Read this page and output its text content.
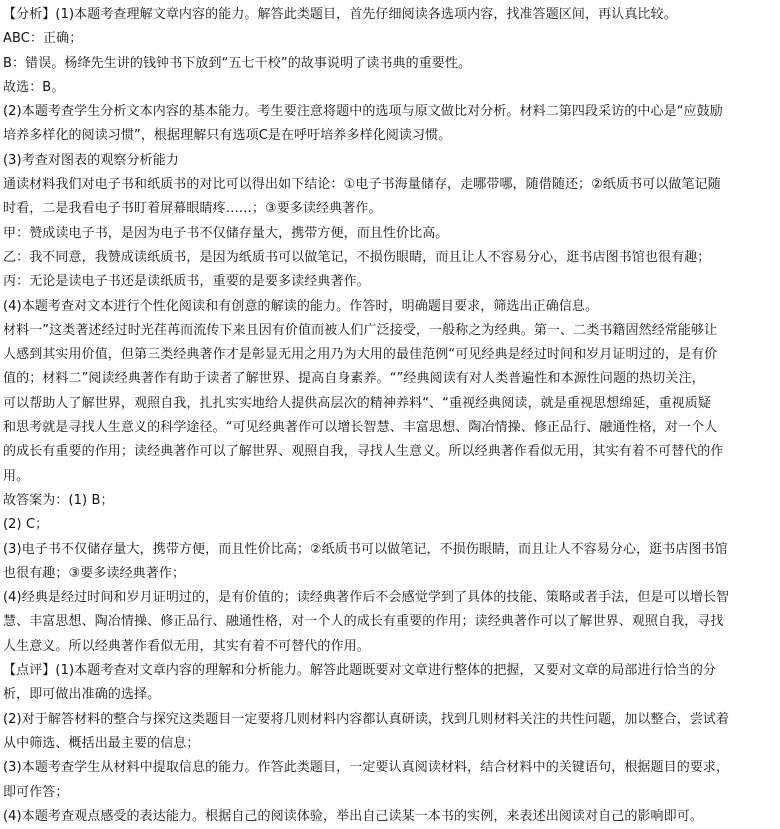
【分析】(1)本题考查理解文章内容的能力。解答此类题目，首先仔细阅读各选项内容，找准答题区间，再认真比较。
ABC：正确；
B：错误。杨绛先生讲的钱钟书下放到“五七干校”的故事说明了读书典的重要性。
故选：B。
(2)本题考查学生分析文本内容的基本能力。考生要注意将题中的选项与原文做比对分析。材料二第四段采访的中心是“应鼓励
培养多样化的阅读习惯”，根据理解只有选项C是在呼吁培养多样化阅读习惯。
(3)考查对图表的观察分析能力
通读材料我们对电子书和纸质书的对比可以得出如下结论：①电子书海量储存，走哪带哪，随借随还；②纸质书可以做笔记随
时看，二是我看电子书盯着屏幕眼睛疼……；③要多读经典著作。
甲：赞成读电子书，是因为电子书不仅储存量大，携带方便，而且性价比高。
乙：我不同意，我赞成读纸质书，是因为纸质书可以做笔记，不损伤眼睛，而且让人不容易分心，逛书店图书馆也很有趣；
丙：无论是读电子书还是读纸质书，重要的是要多读经典著作。
(4)本题考查对文本进行个性化阅读和有创意的解读的能力。作答时，明确题目要求，筛选出正确信息。
材料一”这类著述经过时光荏苒而流传下来且因有价值而被人们广泛接受，一般称之为经典。第一、二类书籍固然经常能够让
人感到其实用价值，但第三类经典著作才是彰显无用之用乃为大用的最佳范例“可见经典是经过时间和岁月证明过的，是有价
值的；材料二”阅读经典著作有助于读者了解世界、提高自身素养。“”经典阅读有对人类普遍性和本源性问题的热切关注，
可以帮助人了解世界，观照自我，扎扎实实地给人提供高层次的精神养料“、“重视经典阅读，就是重视思想绵延，重视质疑
和思考就是寻找人生意义的科学途径。“可见经典著作可以增长智慧、丰富思想、陶冶情操、修正品行、融通性格，对一个人
的成长有重要的作用；读经典著作可以了解世界、观照自我，寻找人生意义。所以经典著作看似无用，其实有着不可替代的作
用。
故答案为：(1) B；
(2) C；
(3)电子书不仅储存量大，携带方便，而且性价比高；②纸质书可以做笔记，不损伤眼睛，而且让人不容易分心，逛书店图书馆
也很有趣；③要多读经典著作；
(4)经典是经过时间和岁月证明过的，是有价值的；读经典著作后不会感觉学到了具体的技能、策略或者手法，但是可以增长智
慧、丰富思想、陶冶情操、修正品行、融通性格，对一个人的成长有重要的作用；读经典著作可以了解世界、观照自我，寻找
人生意义。所以经典著作看似无用，其实有着不可替代的作用。
【点评】(1)本题考查对文章内容的理解和分析能力。解答此题既要对文章进行整体的把握，又要对文章的局部进行恰当的分
析，即可做出准确的选择。
(2)对于解答材料的整合与探究这类题目一定要将几则材料内容都认真研读，找到几则材料关注的共性问题，加以整合，尝试着
从中筛选、概括出最主要的信息；
(3)本题考查学生从材料中提取信息的能力。作答此类题目，一定要认真阅读材料，结合材料中的关键语句，根据题目的要求，
即可作答；
(4)本题考查观点感受的表达能力。根据自己的阅读体验，举出自己读某一本书的实例，来表述出阅读对自己的影响即可。
